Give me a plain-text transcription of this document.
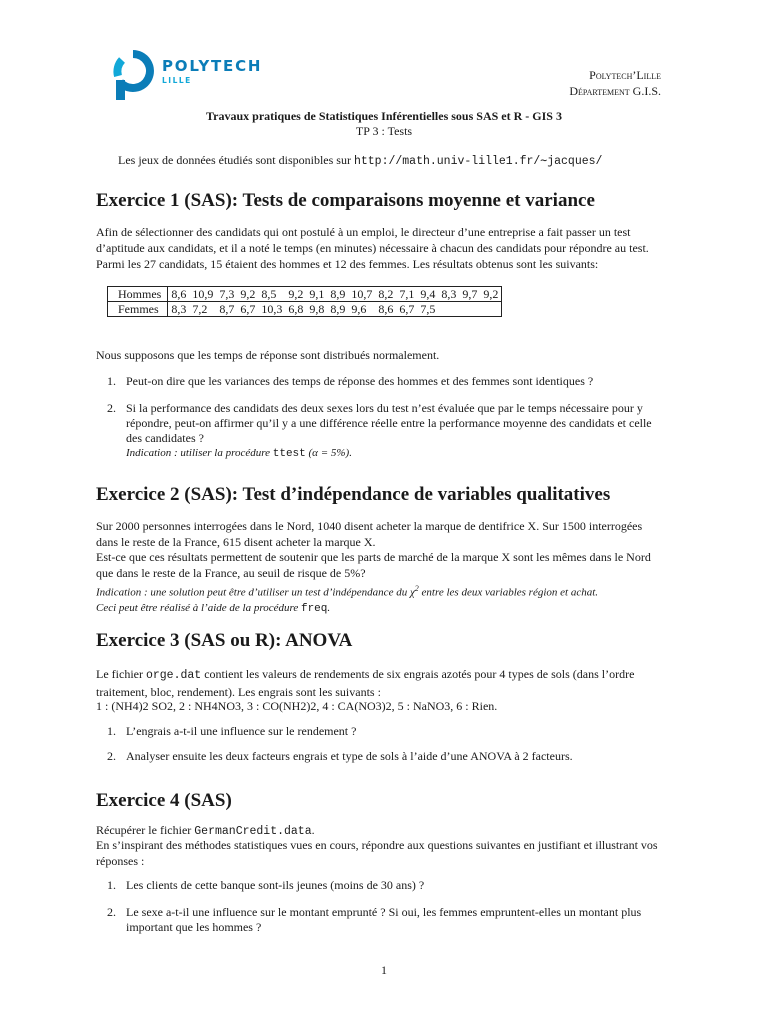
POLYTECH
LILLE	Polytech’Lille
Département G.I.S.
Travaux pratiques de Statistiques Inférentielles sous SAS et R - GIS 3
TP 3 : Tests
Les jeux de données étudiés sont disponibles sur http://math.univ-lille1.fr/∼jacques/
Exercice 1 (SAS): Tests de comparaisons moyenne et variance
Afin de sélectionner des candidats qui ont postulé à un emploi, le directeur d’une entreprise a fait passer un test d’aptitude aux candidats, et il a noté le temps (en minutes) nécessaire à chacun des candidats pour répondre au test. Parmi les 27 candidats, 15 étaient des hommes et 12 des femmes. Les résultats obtenus sont les suivants:
Hommes	8,6	10,9	7,3	9,2	8,5	9,2	9,1	8,9	10,7	8,2	7,1	9,4	8,3	9,7	9,2
Femmes	8,3	7,2	8,7	6,7	10,3	6,8	9,8	8,9	9,6	8,6	6,7	7,5			
Nous supposons que les temps de réponse sont distribués normalement.
1. Peut-on dire que les variances des temps de réponse des hommes et des femmes sont identiques ?
2. Si la performance des candidats des deux sexes lors du test n’est évaluée que par le temps nécessaire pour y répondre, peut-on affirmer qu’il y a une différence réelle entre la performance moyenne des candidats et celle des candidates ?
Indication : utiliser la procédure ttest (α = 5%).
Exercice 2 (SAS): Test d’indépendance de variables qualitatives
Sur 2000 personnes interrogées dans le Nord, 1040 disent acheter la marque de dentifrice X. Sur 1500 interrogées dans le reste de la France, 615 disent acheter la marque X.
Est-ce que ces résultats permettent de soutenir que les parts de marché de la marque X sont les mêmes dans le Nord que dans le reste de la France, au seuil de risque de 5%?
Indication : une solution peut être d’utiliser un test d’indépendance du $\chi^2$ entre les deux variables région et achat.
Ceci peut être réalisé à l’aide de la procédure freq.
Exercice 3 (SAS ou R): ANOVA
Le fichier orge.dat contient les valeurs de rendements de six engrais azotés pour 4 types de sols (dans l’ordre traitement, bloc, rendement). Les engrais sont les suivants :
1 : (NH4)2 SO2, 2 : NH4NO3, 3 : CO(NH2)2, 4 : CA(NO3)2, 5 : NaNO3, 6 : Rien.
1. L’engrais a-t-il une influence sur le rendement ?
2. Analyser ensuite les deux facteurs engrais et type de sols à l’aide d’une ANOVA à 2 facteurs.
Exercice 4 (SAS)
Récupérer le fichier GermanCredit.data.
En s’inspirant des méthodes statistiques vues en cours, répondre aux questions suivantes en justifiant et illustrant vos réponses :
1. Les clients de cette banque sont-ils jeunes (moins de 30 ans) ?
2. Le sexe a-t-il une influence sur le montant emprunté ? Si oui, les femmes empruntent-elles un montant plus important que les hommes ?
1
